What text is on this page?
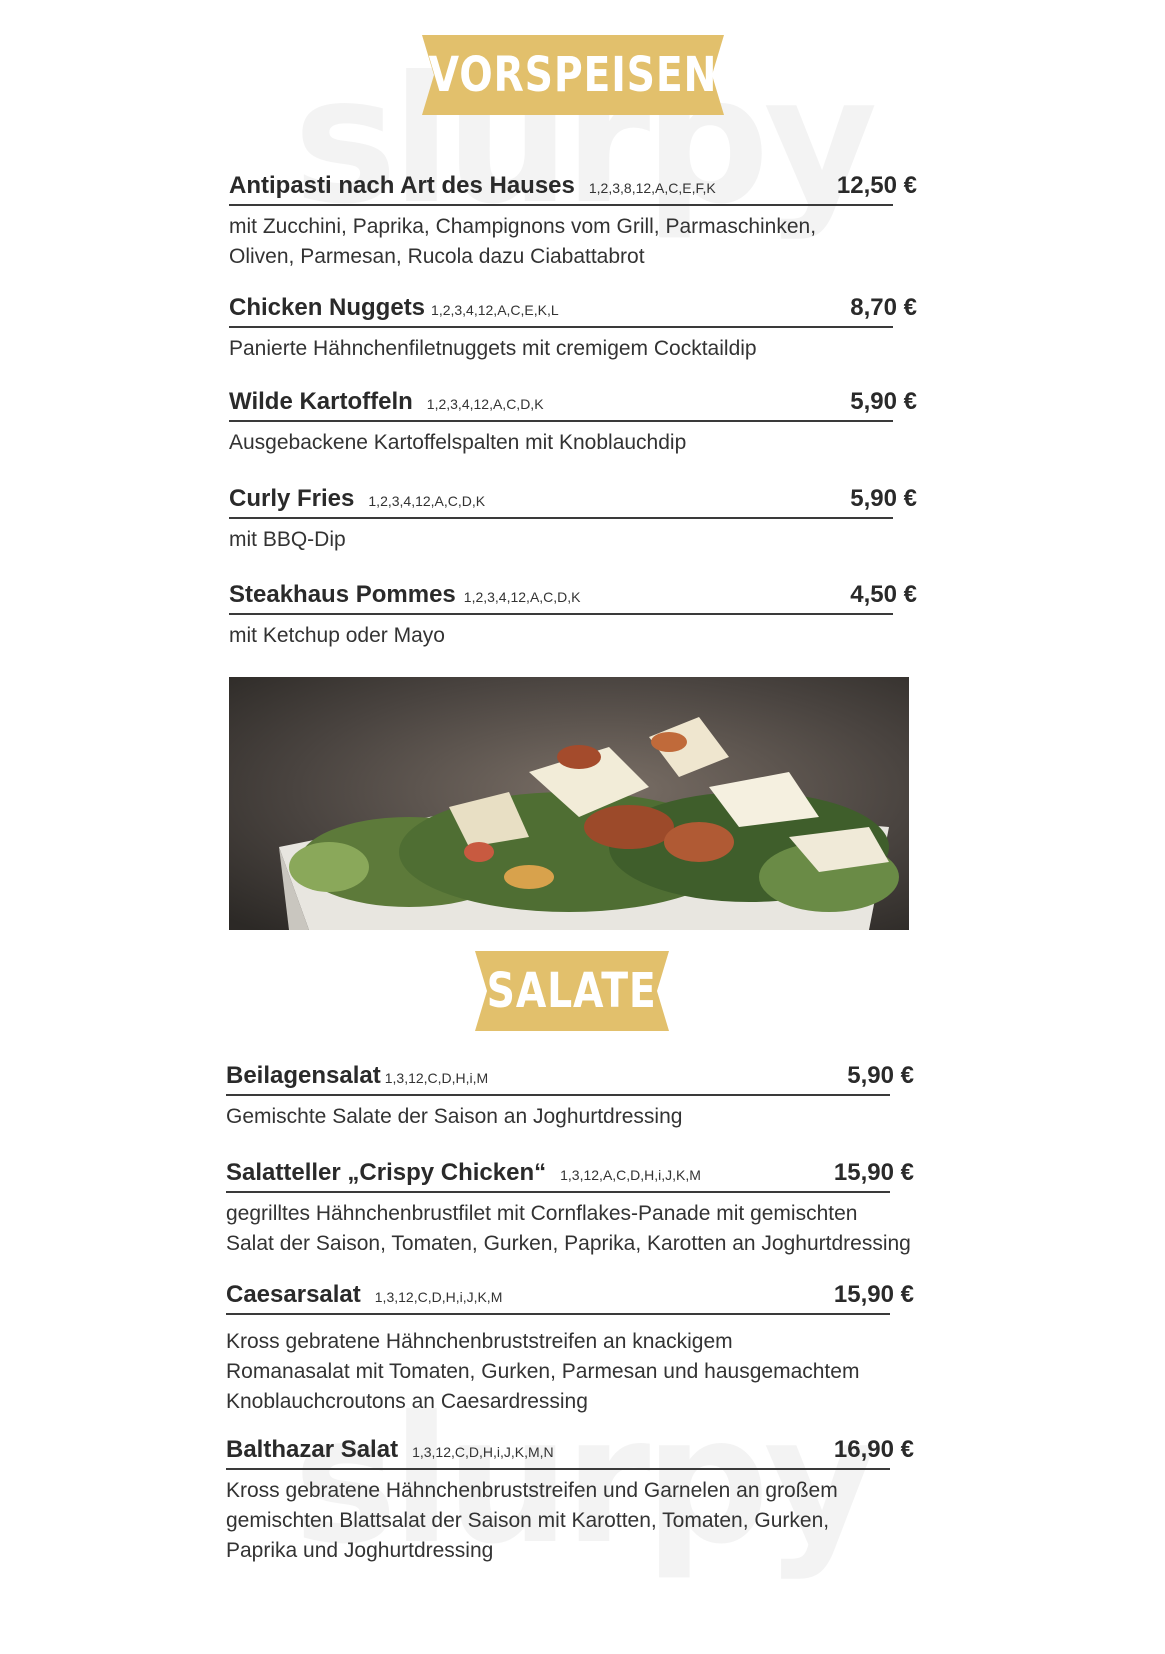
VORSPEISEN
Antipasti nach Art des Hauses 1,2,3,8,12,A,C,E,F,K	12,50 €
mit Zucchini, Paprika, Champignons vom Grill, Parmaschinken,
Oliven, Parmesan, Rucola dazu Ciabattabrot
Chicken Nuggets 1,2,3,4,12,A,C,E,K,L	8,70 €
Panierte Hähnchenfiletnuggets mit cremigem Cocktaildip
Wilde Kartoffeln 1,2,3,4,12,A,C,D,K	5,90 €
Ausgebackene Kartoffelspalten mit Knoblauchdip
Curly Fries 1,2,3,4,12,A,C,D,K	5,90 €
mit BBQ-Dip
Steakhaus Pommes 1,2,3,4,12,A,C,D,K	4,50 €
mit Ketchup oder Mayo
SALATE
Beilagensalat 1,3,12,C,D,H,i,M	5,90 €
Gemischte Salate der Saison an Joghurtdressing
Salatteller „Crispy Chicken“ 1,3,12,A,C,D,H,i,J,K,M	15,90 €
gegrilltes Hähnchenbrustfilet mit Cornflakes-Panade mit gemischten
Salat der Saison, Tomaten, Gurken, Paprika, Karotten an Joghurtdressing
Caesarsalat 1,3,12,C,D,H,i,J,K,M	15,90 €
Kross gebratene Hähnchenbruststreifen an knackigem
Romanasalat mit Tomaten, Gurken, Parmesan und hausgemachtem
Knoblauchcroutons an Caesardressing
Balthazar Salat 1,3,12,C,D,H,i,J,K,M,N	16,90 €
Kross gebratene Hähnchenbruststreifen und Garnelen an großem
gemischten Blattsalat der Saison mit Karotten, Tomaten, Gurken,
Paprika und Joghurtdressing
